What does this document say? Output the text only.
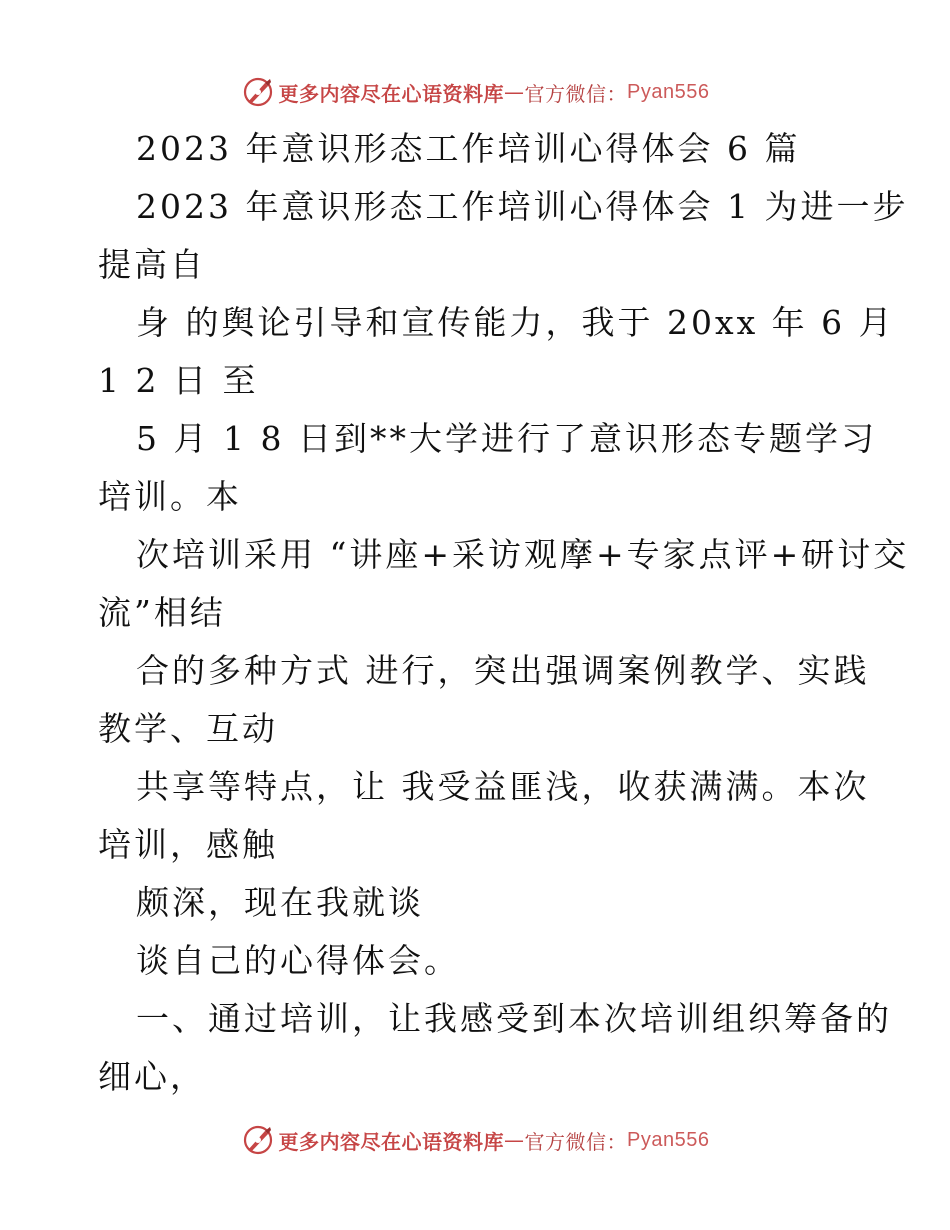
更多内容尽在心语资料库 — 官方微信： Pyan556
2023 年意识形态工作培训心得体会 6 篇
2023 年意识形态工作培训心得体会 1 为进一步
提高自
身 的舆论引导和宣传能力，我于 20xx 年 6 月
1 2 日 至
5 月 1 8 日到**大学进行了意识形态专题学习
培训。本
次培训采用 “讲座+采访观摩+专家点评+研讨交
流”相结
合的多种方式 进行，突出强调案例教学、实践
教学、互动
共享等特点，让 我受益匪浅，收获满满。本次
培训，感触
颇深，现在我就谈
谈自己的心得体会。
一、通过培训，让我感受到本次培训组织筹备的
细心，
更多内容尽在心语资料库 — 官方微信： Pyan556
